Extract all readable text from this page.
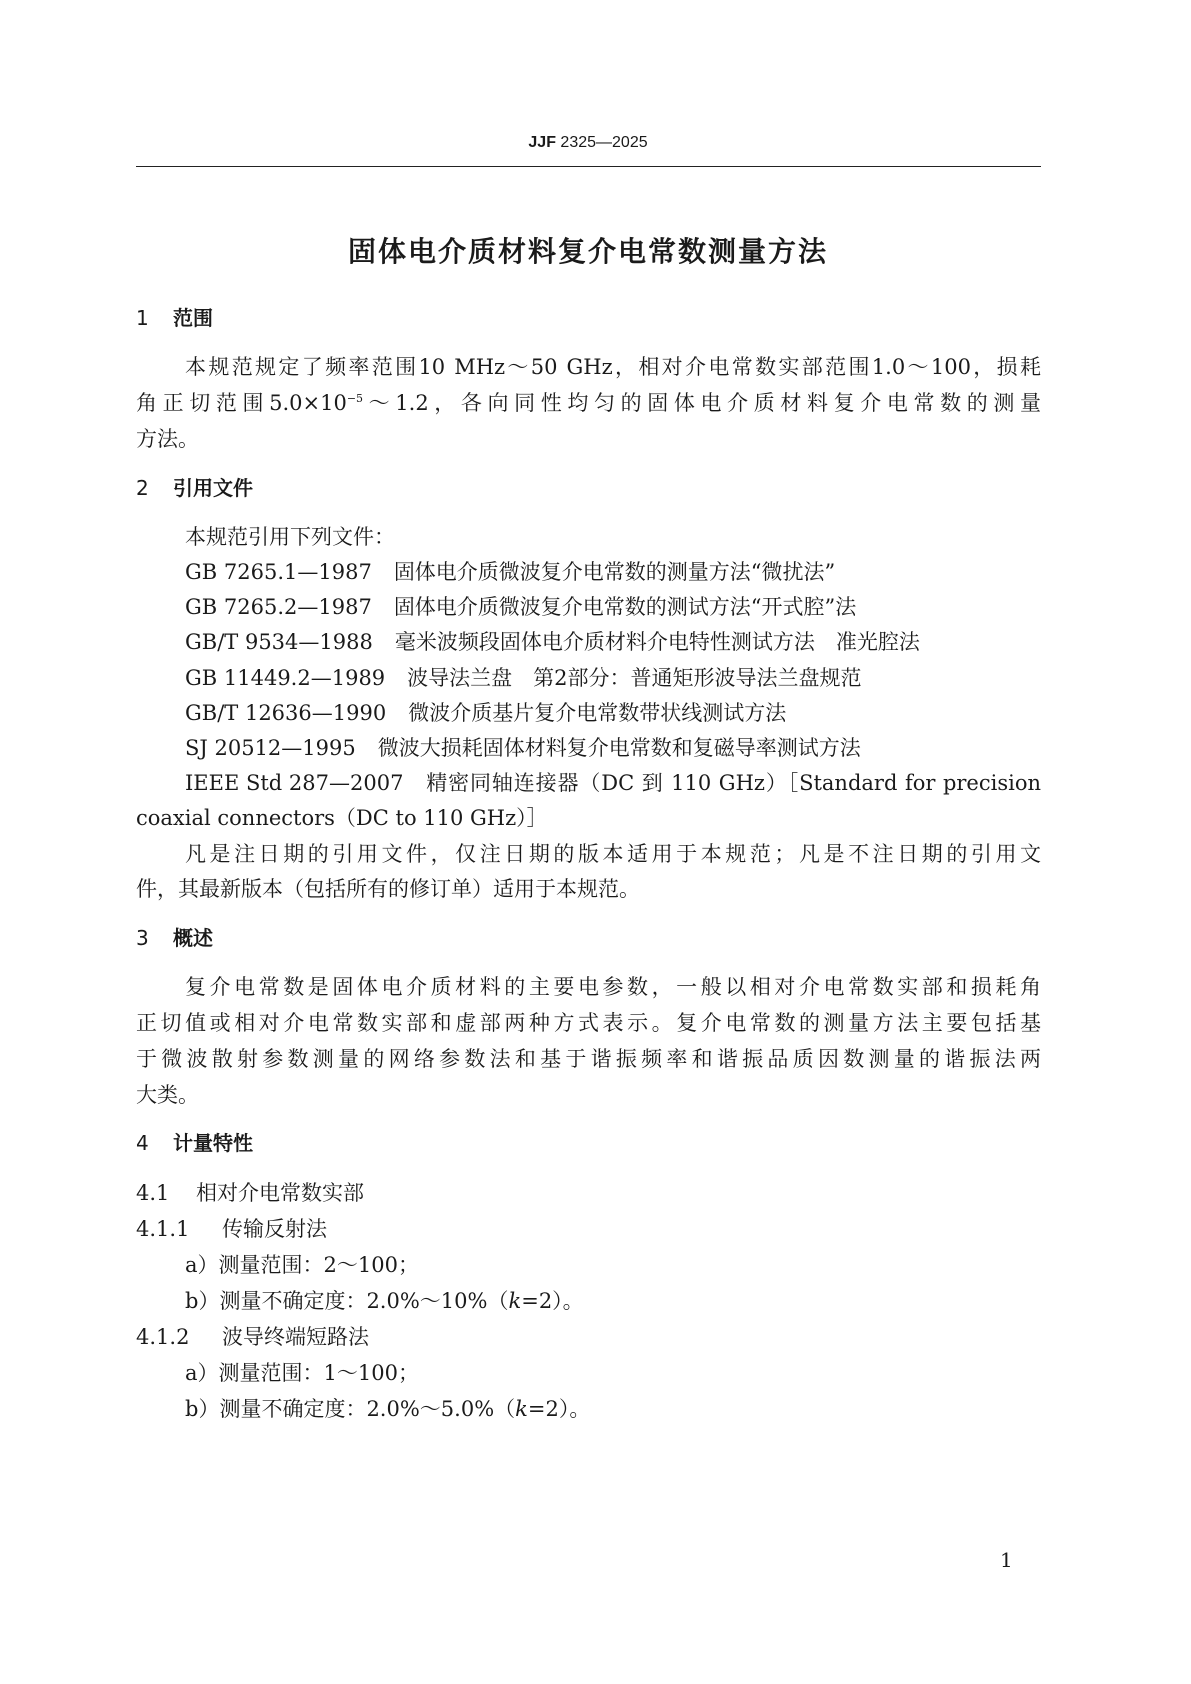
JJF 2325—2025
固体电介质材料复介电常数测量方法
1 范围
本规范规定了频率范围10 MHz～50 GHz，相对介电常数实部范围1.0～100，损耗
角正切范围$5.0\times 10^{-5}\sim 1.2$，各向同性均匀的固体电介质材料复介电常数的测量
方法。
2 引用文件
本规范引用下列文件：
GB 7265.1—1987 固体电介质微波复介电常数的测量方法“微扰法”
GB 7265.2—1987 固体电介质微波复介电常数的测试方法“开式腔”法
GB/T 9534—1988 毫米波频段固体电介质材料介电特性测试方法　准光腔法
GB 11449.2—1989 波导法兰盘　第2部分：普通矩形波导法兰盘规范
GB/T 12636—1990 微波介质基片复介电常数带状线测试方法
SJ 20512—1995 微波大损耗固体材料复介电常数和复磁导率测试方法
IEEE Std 287—2007 精密同轴连接器（DC 到 110 GHz）［Standard for precision
coaxial connectors（DC to 110 GHz）］
凡是注日期的引用文件，仅注日期的版本适用于本规范；凡是不注日期的引用文
件，其最新版本（包括所有的修订单）适用于本规范。
3 概述
复介电常数是固体电介质材料的主要电参数，一般以相对介电常数实部和损耗角
正切值或相对介电常数实部和虚部两种方式表示。复介电常数的测量方法主要包括基
于微波散射参数测量的网络参数法和基于谐振频率和谐振品质因数测量的谐振法两
大类。
4 计量特性
4.1 相对介电常数实部
4.1.1 传输反射法
a）测量范围：2～100；
b）测量不确定度：2.0%～10%（k=2）。
4.1.2 波导终端短路法
a）测量范围：1～100；
b）测量不确定度：2.0%～5.0%（k=2）。
1
